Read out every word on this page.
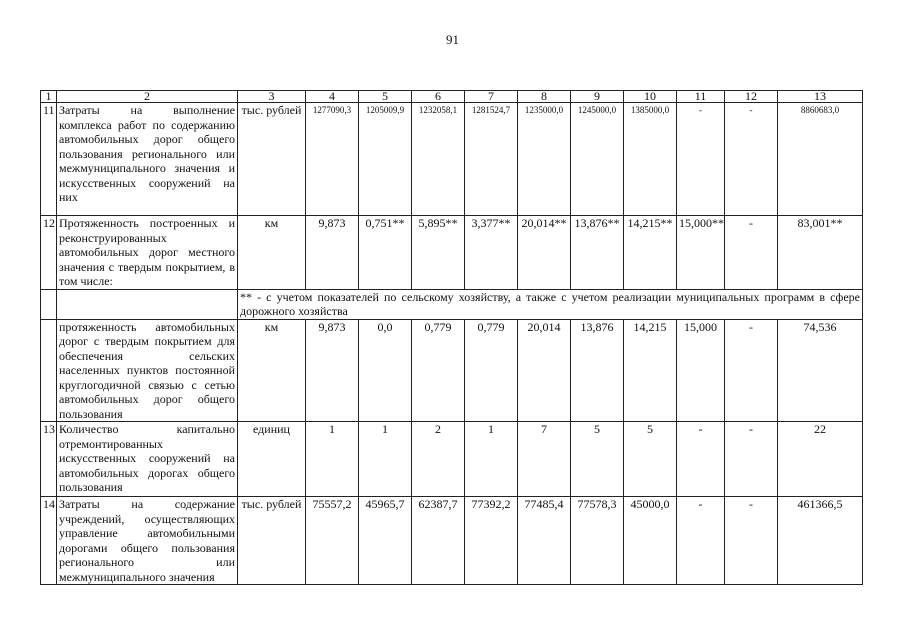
91
1	2	3	4	5	6	7	8	9	10	11	12	13
11	Затраты на выполнение комплекса работ по содержанию автомобильных дорог общего пользования регионального или межмуниципального значения и искусственных сооружений на них	тыс. рублей	1277090,3	1205009,9	1232058,1	1281524,7	1235000,0	1245000,0	1385000,0	-	-	8860683,0
12	Протяженность построенных и реконструированных автомобильных дорог местного значения с твердым покрытием, в том числе:	км	9,873	0,751**	5,895**	3,377**	20,014**	13,876**	14,215**	15,000**	-	83,001**
		** - с учетом показателей по сельскому хозяйству, а также с учетом реализации муниципальных программ в сфере дорожного хозяйства										
	протяженность автомобильных дорог с твердым покрытием для обеспечения сельских населенных пунктов постоянной круглогодичной связью с сетью автомобильных дорог общего пользования	км	9,873	0,0	0,779	0,779	20,014	13,876	14,215	15,000	-	74,536
13	Количество капитально отремонтированных искусственных сооружений на автомобильных дорогах общего пользования	единиц	1	1	2	1	7	5	5	-	-	22
14	Затраты на содержание учреждений, осуществляющих управление автомобильными дорогами общего пользования регионального или межмуниципального значения	тыс. рублей	75557,2	45965,7	62387,7	77392,2	77485,4	77578,3	45000,0	-	-	461366,5
